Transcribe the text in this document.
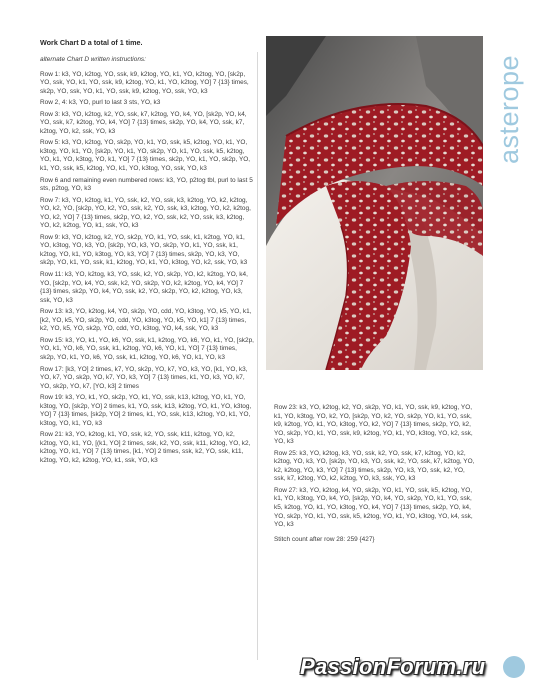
Work Chart D a total of 1 time.

alternate Chart D written instructions:

Row 1: k3, YO, k2tog, YO, ssk, k9, k2tog, YO, k1, YO, k2tog, YO, [sk2p, YO, ssk, YO, k1, YO, ssk, k9, k2tog, YO, k1, YO, k2tog, YO] 7 {13} times, sk2p, YO, ssk, YO, k1, YO, ssk, k9, k2tog, YO, ssk, YO, k3

Row 2, 4: k3, YO, purl to last 3 sts, YO, k3

Row 3: k3, YO, k2tog, k2, YO, ssk, k7, k2tog, YO, k4, YO, [sk2p, YO, k4, YO, ssk, k7, k2tog, YO, k4, YO] 7 {13} times, sk2p, YO, k4, YO, ssk, k7, k2tog, YO, k2, ssk, YO, k3

Row 5: k3, YO, k2tog, YO, sk2p, YO, k1, YO, ssk, k5, k2tog, YO, k1, YO, k3tog, YO, k1, YO, [sk2p, YO, k1, YO, sk2p, YO, k1, YO, ssk, k5, k2tog, YO, k1, YO, k3tog, YO, k1, YO] 7 {13} times, sk2p, YO, k1, YO, sk2p, YO, k1, YO, ssk, k5, k2tog, YO, k1, YO, k3tog, YO, ssk, YO, k3

Row 6 and remaining even numbered rows: k3, YO, p2tog tbl, purl to last 5 sts, p2tog, YO, k3

Row 7: k3, YO, k2tog, k1, YO, ssk, k2, YO, ssk, k3, k2tog, YO, k2, k2tog, YO, k2, YO, [sk2p, YO, k2, YO, ssk, k2, YO, ssk, k3, k2tog, YO, k2, k2tog, YO, k2, YO] 7 {13} times, sk2p, YO, k2, YO, ssk, k2, YO, ssk, k3, k2tog, YO, k2, k2tog, YO, k1, ssk, YO, k3

Row 9: k3, YO, k2tog, k2, YO, sk2p, YO, k1, YO, ssk, k1, k2tog, YO, k1, YO, k3tog, YO, k3, YO, [sk2p, YO, k3, YO, sk2p, YO, k1, YO, ssk, k1, k2tog, YO, k1, YO, k3tog, YO, k3, YO] 7 {13} times, sk2p, YO, k3, YO, sk2p, YO, k1, YO, ssk, k1, k2tog, YO, k1, YO, k3tog, YO, k2, ssk, YO, k3

Row 11: k3, YO, k2tog, k3, YO, ssk, k2, YO, sk2p, YO, k2, k2tog, YO, k4, YO, [sk2p, YO, k4, YO, ssk, k2, YO, sk2p, YO, k2, k2tog, YO, k4, YO] 7 {13} times, sk2p, YO, k4, YO, ssk, k2, YO, sk2p, YO, k2, k2tog, YO, k3, ssk, YO, k3

Row 13: k3, YO, k2tog, k4, YO, sk2p, YO, cdd, YO, k3tog, YO, k5, YO, k1, [k2, YO, k5, YO, sk2p, YO, cdd, YO, k3tog, YO, k5, YO, k1] 7 {13} times, k2, YO, k5, YO, sk2p, YO, cdd, YO, k3tog, YO, k4, ssk, YO, k3

Row 15: k3, YO, k1, YO, k6, YO, ssk, k1, k2tog, YO, k6, YO, k1, YO, [sk2p, YO, k1, YO, k6, YO, ssk, k1, k2tog, YO, k6, YO, k1, YO] 7 {13} times, sk2p, YO, k1, YO, k6, YO, ssk, k1, k2tog, YO, k6, YO, k1, YO, k3

Row 17: [k3, YO] 2 times, k7, YO, sk2p, YO, k7, YO, k3, YO, [k1, YO, k3, YO, k7, YO, sk2p, YO, k7, YO, k3, YO] 7 {13} times, k1, YO, k3, YO, k7, YO, sk2p, YO, k7, [YO, k3] 2 times

Row 19: k3, YO, k1, YO, sk2p, YO, k1, YO, ssk, k13, k2tog, YO, k1, YO, k3tog, YO, [sk2p, YO] 2 times, k1, YO, ssk, k13, k2tog, YO, k1, YO, k3tog, YO] 7 {13} times, [sk2p, YO] 2 times, k1, YO, ssk, k13, k2tog, YO, k1, YO, k3tog, YO, k1, YO, k3

Row 21: k3, YO, k2tog, k1, YO, ssk, k2, YO, ssk, k11, k2tog, YO, k2, k2tog, YO, k1, YO, [(k1, YO] 2 times, ssk, k2, YO, ssk, k11, k2tog, YO, k2, k2tog, YO, k1, YO] 7 {13} times, [k1, YO] 2 times, ssk, k2, YO, ssk, k11, k2tog, YO, k2, k2tog, YO, k1, ssk, YO, k3

Row 23: k3, YO, k2tog, k2, YO, sk2p, YO, k1, YO, ssk, k9, k2tog, YO, k1, YO, k3tog, YO, k2, YO, [sk2p, YO, k2, YO, sk2p, YO, k1, YO, ssk, k9, k2tog, YO, k1, YO, k3tog, YO, k2, YO] 7 {13} times, sk2p, YO, k2, YO, sk2p, YO, k1, YO, ssk, k9, k2tog, YO, k1, YO, k3tog, YO, k2, ssk, YO, k3

Row 25: k3, YO, k2tog, k3, YO, ssk, k2, YO, ssk, k7, k2tog, YO, k2, k2tog, YO, k3, YO, [sk2p, YO, k3, YO, ssk, k2, YO, ssk, k7, k2tog, YO, k2, k2tog, YO, k3, YO] 7 {13} times, sk2p, YO, k3, YO, ssk, k2, YO, ssk, k7, k2tog, YO, k2, k2tog, YO, k3, ssk, YO, k3

Row 27: k3, YO, k2tog, k4, YO, sk2p, YO, k1, YO, ssk, k5, k2tog, YO, k1, YO, k3tog, YO, k4, YO, [sk2p, YO, k4, YO, sk2p, YO, k1, YO, ssk, k5, k2tog, YO, k1, YO, k3tog, YO, k4, YO] 7 {13} times, sk2p, YO, k4, YO, sk2p, YO, k1, YO, ssk, k5, k2tog, YO, k1, YO, k3tog, YO, k4, ssk, YO, k3

Stitch count after row 28: 259 {427}

asterope
PassionForum.ru
